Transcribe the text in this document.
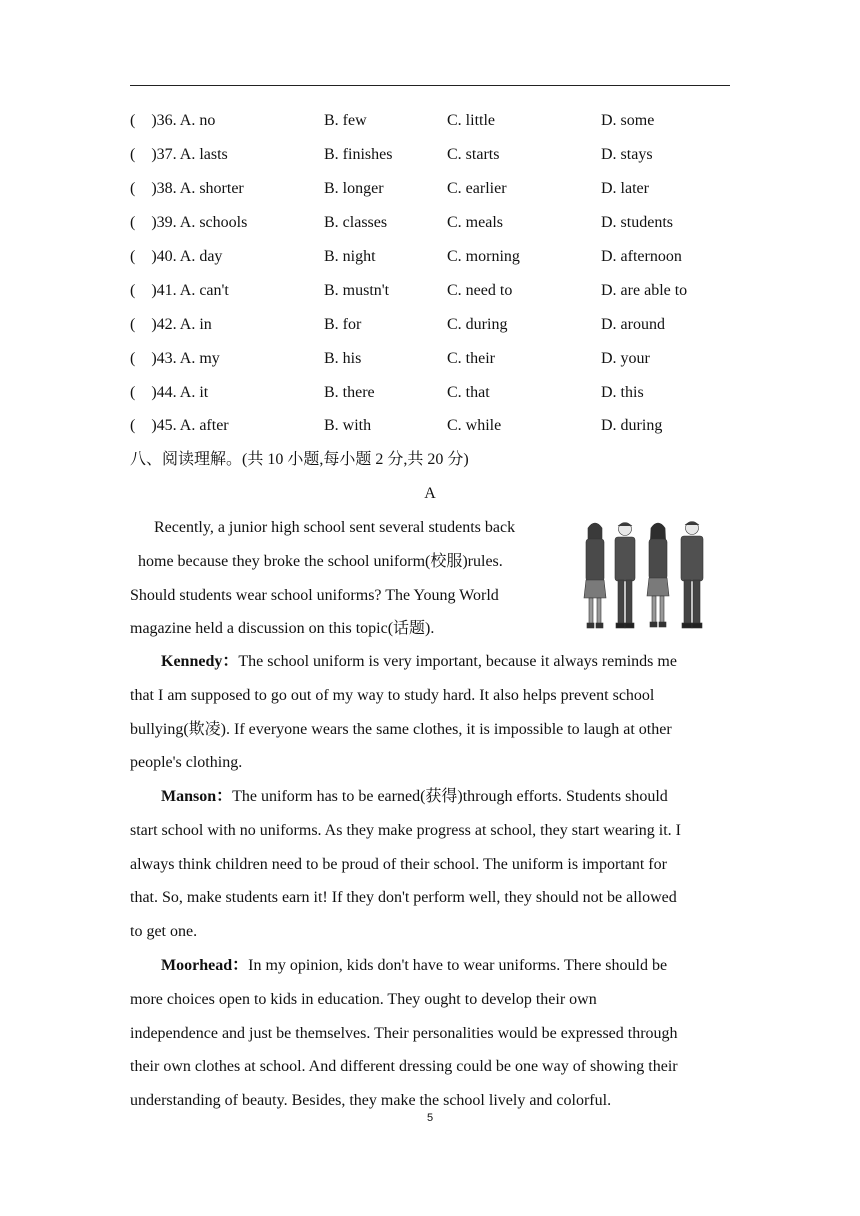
(    )36. A. no	B. few	C. little	D. some
(    )37. A. lasts	B. finishes	C. starts	D. stays
(    )38. A. shorter	B. longer	C. earlier	D. later
(    )39. A. schools	B. classes	C. meals	D. students
(    )40. A. day	B. night	C. morning	D. afternoon
(    )41. A. can't	B. mustn't	C. need to	D. are able to
(    )42. A. in	B. for	C. during	D. around
(    )43. A. my	B. his	C. their	D. your
(    )44. A. it	B. there	C. that	D. this
(    )45. A. after	B. with	C. while	D. during
八、阅读理解。(共 10 小题,每小题 2 分,共 20 分)
A

Recently, a junior high school sent several students back

home because they broke the school uniform(校服)rules.

Should students wear school uniforms? The Young World

magazine held a discussion on this topic(话题).

Kennedy：The school uniform is very important, because it always reminds me

that I am supposed to go out of my way to study hard. It also helps prevent school

bullying(欺凌). If everyone wears the same clothes, it is impossible to laugh at other

people's clothing.

Manson：The uniform has to be earned(获得)through efforts. Students should

start school with no uniforms. As they make progress at school, they start wearing it. I

always think children need to be proud of their school. The uniform is important for

that. So, make students earn it! If they don't perform well, they should not be allowed

to get one.

Moorhead：In my opinion, kids don't have to wear uniforms. There should be

more choices open to kids in education. They ought to develop their own

independence and just be themselves. Their personalities would be expressed through

their own clothes at school. And different dressing could be one way of showing their

understanding of beauty. Besides, they make the school lively and colorful.

5
